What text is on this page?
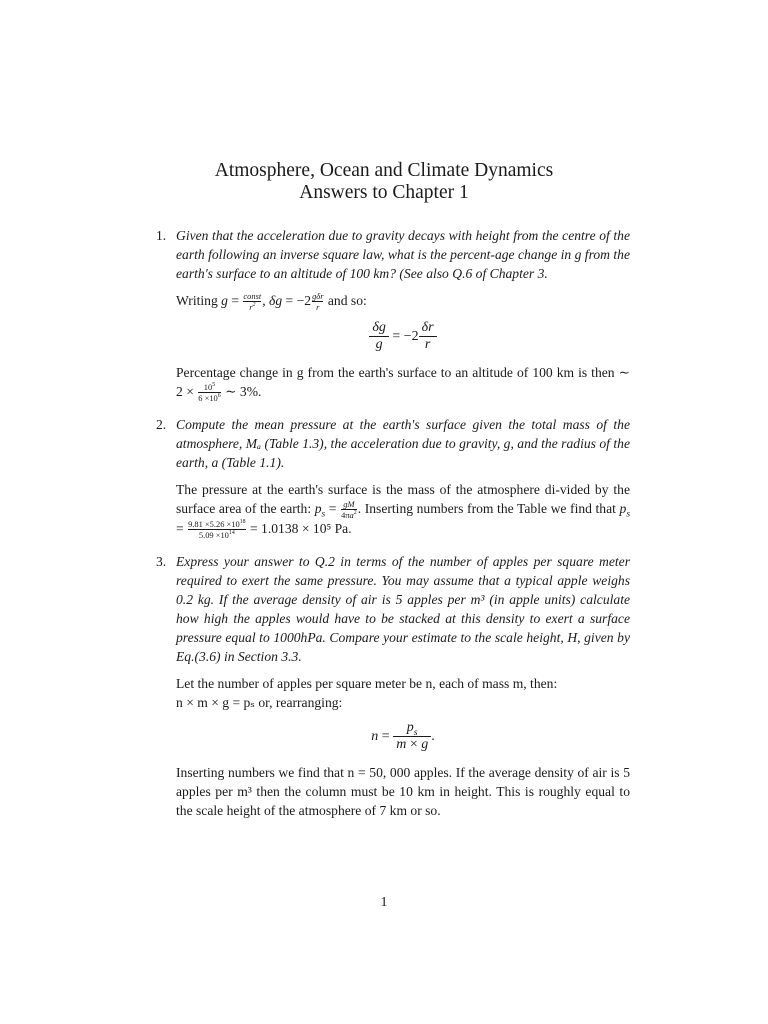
Atmosphere, Ocean and Climate Dynamics
Answers to Chapter 1
1. Given that the acceleration due to gravity decays with height from the centre of the earth following an inverse square law, what is the percent-age change in g from the earth's surface to an altitude of 100 km? (See also Q.6 of Chapter 3.

Writing $g = \frac{\text{const}}{r^2}$ , $\delta g = -2 \frac{\text{gδr}}{r}$ and so:

$\frac{\delta g}{g} = -2 \frac{\delta r}{r}$

Percentage change in g from the earth's surface to an altitude of 100 km is then ∼ $2 \times \frac{10^5}{6 \times 10^6}$ ∼ 3%.

2. Compute the mean pressure at the earth's surface given the total mass of the atmosphere, Mₐ (Table 1.3), the acceleration due to gravity, g, and the radius of the earth, a (Table 1.1).

The pressure at the earth's surface is the mass of the atmosphere di-vided by the surface area of the earth: $p_s = \frac{gM}{4\pi a^2}$ . Inserting numbers from the Table we find that $p_s = \frac{9.81 \times 5.26 \times 10^{18}}{5.09 \times 10^{14}} = 1.0138 \times 10^5$ Pa.

3. Express your answer to Q.2 in terms of the number of apples per square meter required to exert the same pressure. You may assume that a typical apple weighs 0.2 kg. If the average density of air is 5 apples per m³ (in apple units) calculate how high the apples would have to be stacked at this density to exert a surface pressure equal to 1000hPa. Compare your estimate to the scale height, H, given by Eq.(3.6) in Section 3.3.

Let the number of apples per square meter be n, each of mass m, then:
n × m × g = pₛ or, rearranging:

$n = \frac{p_s}{m \times g}$ .

Inserting numbers we find that n = 50, 000 apples. If the average density of air is 5 apples per m³ then the column must be 10 km in height. This is roughly equal to the scale height of the atmosphere of 7 km or so.

1
